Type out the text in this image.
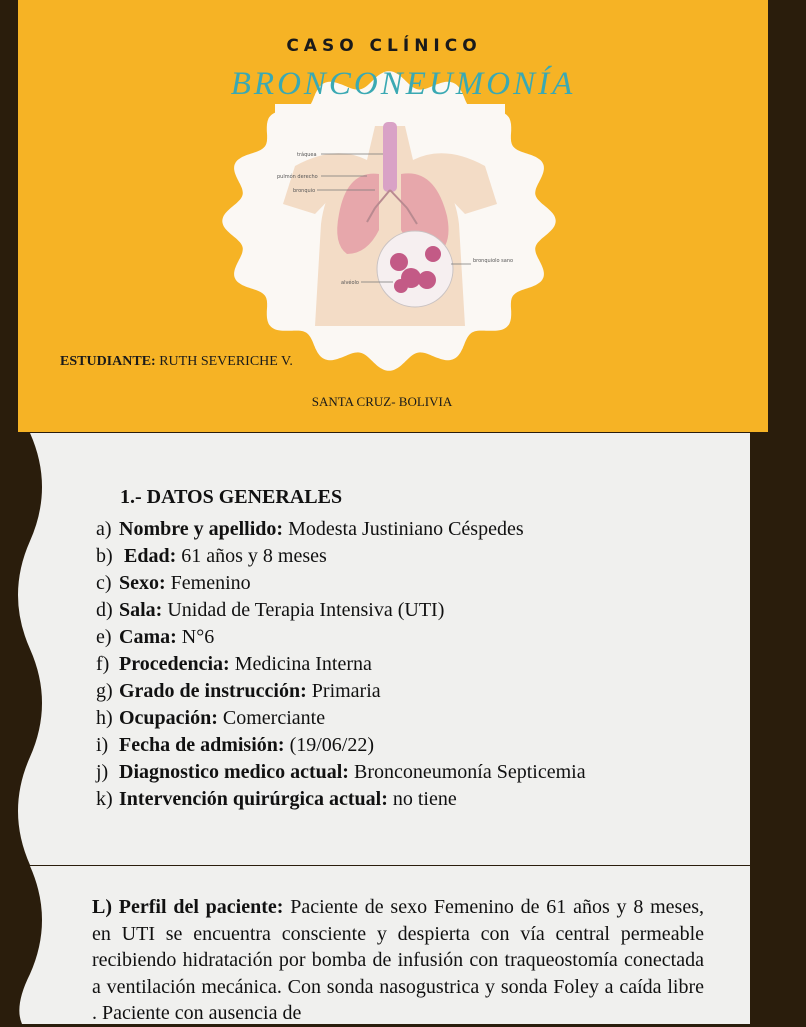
CASO CLÍNICO
BRONCONEUMONÍA
tráquea
pulmón derecho
bronquio
alvéolo
bronquiolo sano
ESTUDIANTE: RUTH SEVERICHE V.
SANTA CRUZ- BOLIVIA
1.- DATOS GENERALES
a) Nombre y apellido: Modesta Justiniano Céspedes
b) Edad: 61 años y 8 meses
c) Sexo: Femenino
d) Sala: Unidad de Terapia Intensiva (UTI)
e) Cama: N°6
f) Procedencia: Medicina Interna
g) Grado de instrucción: Primaria
h) Ocupación: Comerciante
i) Fecha de admisión: (19/06/22)
j) Diagnostico medico actual: Bronconeumonía Septicemia
k) Intervención quirúrgica actual: no tiene

L) Perfil del paciente: Paciente de sexo Femenino de 61 años y 8 meses, en UTI se encuentra consciente y despierta con vía central permeable recibiendo hidratación por bomba de infusión con traqueostomía conectada a ventilación mecánica. Con sonda nasogustrica y sonda Foley a caída libre . Paciente con ausencia de
